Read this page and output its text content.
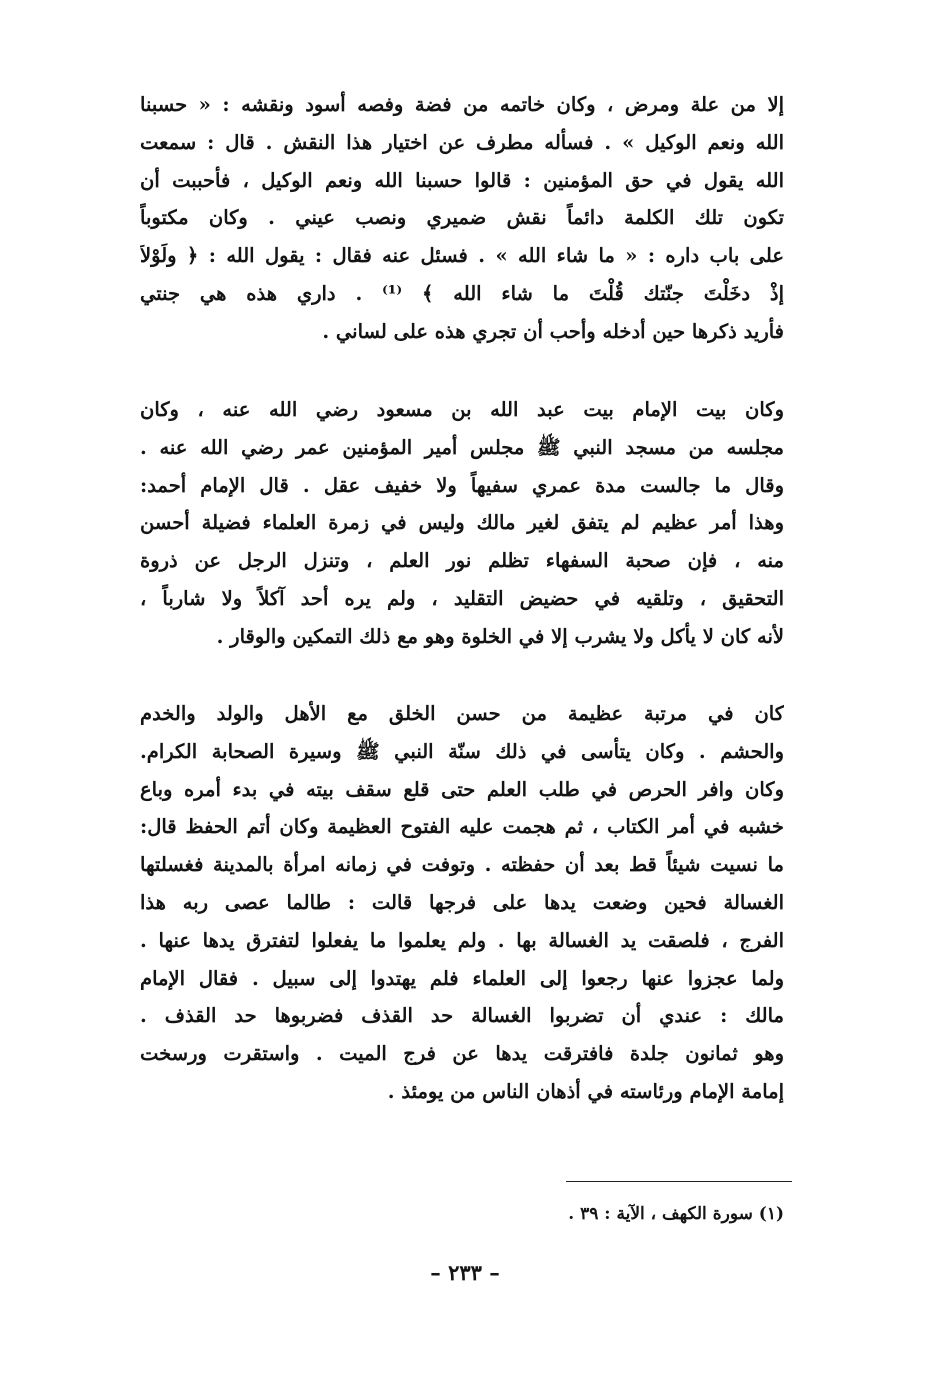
إلا من علة ومرض ، وكان خاتمه من فضة وفصه أسود ونقشه : « حسبنا
الله ونعم الوكيل » . فسأله مطرف عن اختيار هذا النقش . قال : سمعت
الله يقول في حق المؤمنين : قالوا حسبنا الله ونعم الوكيل ، فأحببت أن
تكون تلك الكلمة دائماً نقش ضميري ونصب عيني . وكان مكتوباً
على باب داره : « ما شاء الله » . فسئل عنه فقال : يقول الله : ﴿ ولَوْلاَ
إذْ دخَلْتَ جنّتك قُلْتَ ما شاء الله ﴾ ⁽¹⁾ . داري هذه هي جنتي
فأريد ذكرها حين أدخله وأحب أن تجري هذه على لساني .
وكان بيت الإمام بيت عبد الله بن مسعود رضي الله عنه ، وكان
مجلسه من مسجد النبي ﷺ مجلس أمير المؤمنين عمر رضي الله عنه .
وقال ما جالست مدة عمري سفيهاً ولا خفيف عقل . قال الإمام أحمد:
وهذا أمر عظيم لم يتفق لغير مالك وليس في زمرة العلماء فضيلة أحسن
منه ، فإن صحبة السفهاء تظلم نور العلم ، وتنزل الرجل عن ذروة
التحقيق ، وتلقيه في حضيض التقليد ، ولم يره أحد آكلاً ولا شارباً ،
لأنه كان لا يأكل ولا يشرب إلا في الخلوة وهو مع ذلك التمكين والوقار .
كان في مرتبة عظيمة من حسن الخلق مع الأهل والولد والخدم
والحشم . وكان يتأسى في ذلك سنّة النبي ﷺ وسيرة الصحابة الكرام.
وكان وافر الحرص في طلب العلم حتى قلع سقف بيته في بدء أمره وباع
خشبه في أمر الكتاب ، ثم هجمت عليه الفتوح العظيمة وكان أتم الحفظ قال:
ما نسيت شيئاً قط بعد أن حفظته . وتوفت في زمانه امرأة بالمدينة فغسلتها
الغسالة فحين وضعت يدها على فرجها قالت : طالما عصى ربه هذا
الفرج ، فلصقت يد الغسالة بها . ولم يعلموا ما يفعلوا لتفترق يدها عنها .
ولما عجزوا عنها رجعوا إلى العلماء فلم يهتدوا إلى سبيل . فقال الإمام
مالك : عندي أن تضربوا الغسالة حد القذف فضربوها حد القذف .
وهو ثمانون جلدة فافترقت يدها عن فرج الميت . واستقرت ورسخت
إمامة الإمام ورئاسته في أذهان الناس من يومئذ .
(١) سورة الكهف ، الآية : ٣٩ .
– ٢٣٣ –
